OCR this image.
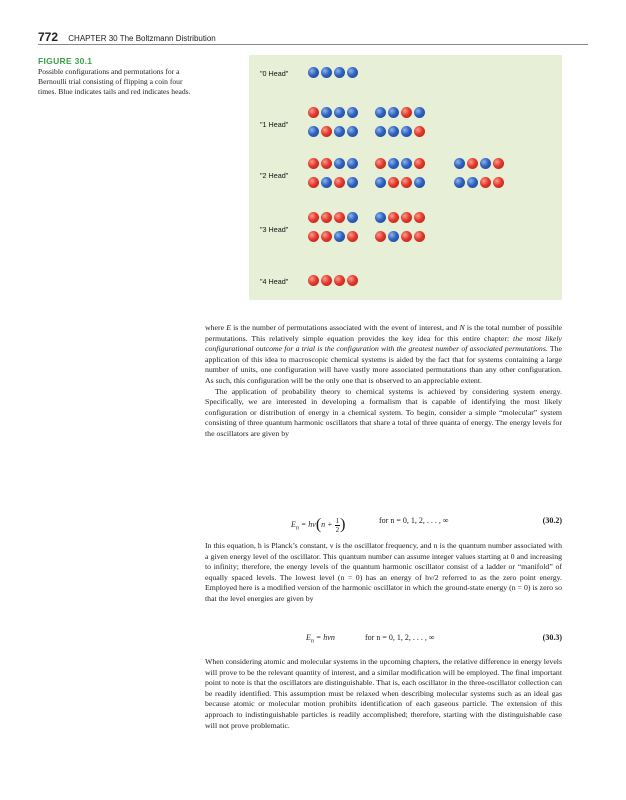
772 CHAPTER 30 The Boltzmann Distribution
FIGURE 30.1
Possible configurations and permutations for a Bernoulli trial consisting of flipping a coin four times. Blue indicates tails and red indicates heads.
"0 Head"
"1 Head"
"2 Head"
"3 Head"
"4 Head"

where E is the number of permutations associated with the event of interest, and N is the total number of possible permutations. This relatively simple equation provides the key idea for this entire chapter: the most likely configurational outcome for a trial is the configuration with the greatest number of associated permutations. The application of this idea to macroscopic chemical systems is aided by the fact that for systems containing a large number of units, one configuration will have vastly more associated permutations than any other configuration. As such, this configuration will be the only one that is observed to an appreciable extent.

The application of probability theory to chemical systems is achieved by considering system energy. Specifically, we are interested in developing a formalism that is capable of identifying the most likely configuration or distribution of energy in a chemical system. To begin, consider a simple “molecular” system consisting of three quantum harmonic oscillators that share a total of three quanta of energy. The energy levels for the oscillators are given by

$E_n = h\nu(n + \frac{1}{2})$	for n = 0, 1, 2, . . . , ∞	(30.2)
In this equation, h is Planck’s constant, ν is the oscillator frequency, and n is the quantum number associated with a given energy level of the oscillator. This quantum number can assume integer values starting at 0 and increasing to infinity; therefore, the energy levels of the quantum harmonic oscillator consist of a ladder or “manifold” of equally spaced levels. The lowest level (n = 0) has an energy of hν/2 referred to as the zero point energy. Employed here is a modified version of the harmonic oscillator in which the ground-state energy (n = 0) is zero so that the level energies are given by
$E_n = h\nu n$	for n = 0, 1, 2, . . . , ∞	(30.3)
When considering atomic and molecular systems in the upcoming chapters, the relative difference in energy levels will prove to be the relevant quantity of interest, and a similar modification will be employed. The final important point to note is that the oscillators are distinguishable. That is, each oscillator in the three-oscillator collection can be readily identified. This assumption must be relaxed when describing molecular systems such as an ideal gas because atomic or molecular motion prohibits identification of each gaseous particle. The extension of this approach to indistinguishable particles is readily accomplished; therefore, starting with the distinguishable case will not prove problematic.
